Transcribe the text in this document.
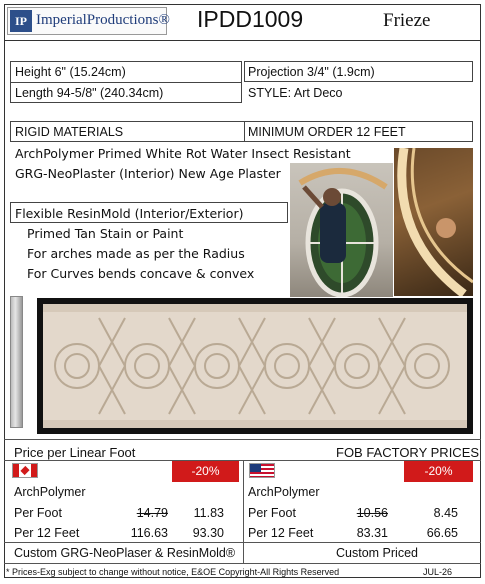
IP ImperialProductions® IPDD1009	Frieze
Height 6" (15.24cm)	Projection 3/4" (1.9cm)
Length 94-5/8" (240.34cm)	STYLE: Art Deco
RIGID MATERIALS	MINIMUM ORDER 12 FEET
ArchPolymer Primed White Rot Water Insect Resistant
GRG-NeoPlaster (Interior) New Age Plaster
Flexible ResinMold (Interior/Exterior)
Primed Tan Stain or Paint
For arches made as per the Radius
For Curves bends concave & convex
Price per Linear Foot	FOB FACTORY PRICES
-20%
ArchPolymer
Per Foot	14.79	11.83
Per 12 Feet	116.63	93.30
-20%
ArchPolymer
Per Foot	10.56	8.45
Per 12 Feet	83.31	66.65
Custom GRG-NeoPlaser & ResinMold®	Custom Priced
* Prices-Exg subject to change without notice, E&OE Copyright-All Rights Reserved	JUL-26
